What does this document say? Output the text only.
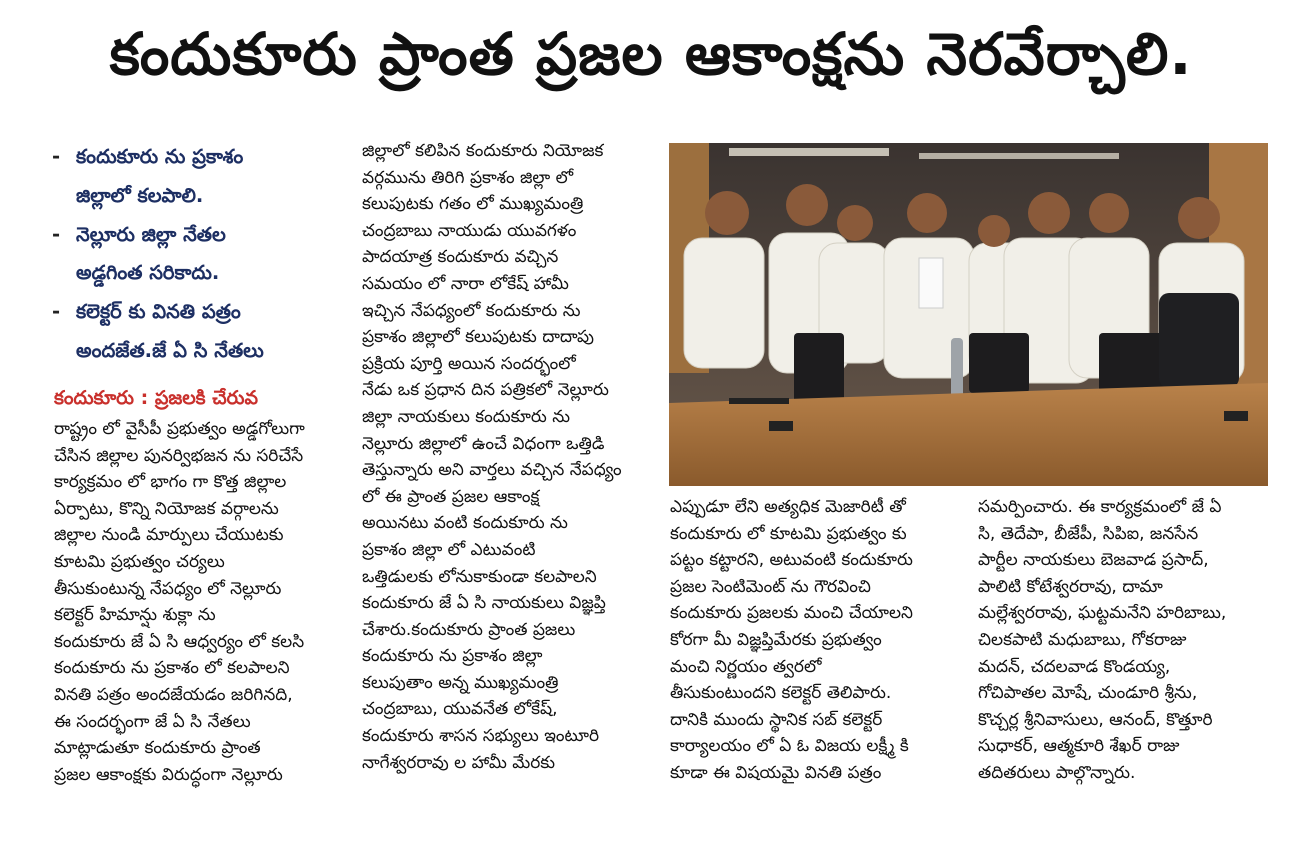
కందుకూరు ప్రాంత ప్రజల ఆకాంక్షను నెరవేర్చాలి.
- కందుకూరు ను ప్రకాశం
జిల్లాలో కలపాలి.
- నెల్లూరు జిల్లా నేతల
అడ్డగింత సరికాదు.
- కలెక్టర్ కు వినతి పత్రం
అందజేత.జే ఏ సి నేతలు
కందుకూరు : ప్రజలకి చేరువ

రాష్ట్రం లో వైసీపీ ప్రభుత్వం అడ్డగోలుగా

చేసిన జిల్లాల పునర్విభజన ను సరిచేసే

కార్యక్రమం లో భాగం గా కొత్త జిల్లాల

ఏర్పాటు, కొన్ని నియోజక వర్గాలను

జిల్లాల నుండి మార్పులు చేయుటకు

కూటమి ప్రభుత్వం చర్యలు

తీసుకుంటున్న నేపధ్యం లో నెల్లూరు

కలెక్టర్ హిమాన్షు శుక్లా ను

కందుకూరు జే ఏ సి ఆధ్వర్యం లో కలసి

కందుకూరు ను ప్రకాశం లో కలపాలని

వినతి పత్రం అందజేయడం జరిగినది,

ఈ సందర్భంగా జే ఏ సి నేతలు

మాట్లాడుతూ కందుకూరు ప్రాంత

ప్రజల ఆకాంక్షకు విరుద్ధంగా నెల్లూరు

జిల్లాలో కలిపిన కందుకూరు నియోజక

వర్గమును తిరిగి ప్రకాశం జిల్లా లో

కలుపుటకు గతం లో ముఖ్యమంత్రి

చంద్రబాబు నాయుడు యువగళం

పాదయాత్ర కందుకూరు వచ్చిన

సమయం లో నారా లోకేష్ హామీ

ఇచ్చిన నేపధ్యంలో కందుకూరు ను

ప్రకాశం జిల్లాలో కలుపుటకు దాదాపు

ప్రక్రియ పూర్తి అయిన సందర్భంలో

నేడు ఒక ప్రధాన దిన పత్రికలో నెల్లూరు

జిల్లా నాయకులు కందుకూరు ను

నెల్లూరు జిల్లాలో ఉంచే విధంగా ఒత్తిడి

తెస్తున్నారు అని వార్తలు వచ్చిన నేపధ్యం

లో ఈ ప్రాంత ప్రజల ఆకాంక్ష

అయినటు వంటి కందుకూరు ను

ప్రకాశం జిల్లా లో ఎటువంటి

ఒత్తిడులకు లోనుకాకుండా కలపాలని

కందుకూరు జే ఏ సి నాయకులు విజ్ఞప్తి

చేశారు.కందుకూరు ప్రాంత ప్రజలు

కందుకూరు ను ప్రకాశం జిల్లా

కలుపుతాం అన్న ముఖ్యమంత్రి

చంద్రబాబు, యువనేత లోకేష్,

కందుకూరు శాసన సభ్యులు ఇంటూరి

నాగేశ్వరరావు ల హామీ మేరకు

ఎప్పుడూ లేని అత్యధిక మెజారిటీ తో

కందుకూరు లో కూటమి ప్రభుత్వం కు

పట్టం కట్టారని, అటువంటి కందుకూరు

ప్రజల సెంటిమెంట్ ను గౌరవించి

కందుకూరు ప్రజలకు మంచి చేయాలని

కోరగా మీ విజ్ఞప్తిమేరకు ప్రభుత్వం

మంచి నిర్ణయం త్వరలో

తీసుకుంటుందని కలెక్టర్ తెలిపారు.

దానికి ముందు స్థానిక సబ్ కలెక్టర్

కార్యాలయం లో ఏ ఓ విజయ లక్ష్మీ కి

కూడా ఈ విషయమై వినతి పత్రం

సమర్పించారు. ఈ కార్యక్రమంలో జే ఏ

సి, తెదేపా, బీజేపీ, సిపిఐ, జనసేన

పార్టీల నాయకులు బెజవాడ ప్రసాద్,

పాలిటి కోటేశ్వరరావు, దామా

మల్లేశ్వరరావు, ఘట్టమనేని హరిబాబు,

చిలకపాటి మధుబాబు, గోకరాజు

మదన్, చదలవాడ కొండయ్య,

గోచిపాతల మోషే, చుండూరి శ్రీను,

కొచ్చర్ల శ్రీనివాసులు, ఆనంద్, కొత్తూరి

సుధాకర్, ఆత్మకూరి శేఖర్ రాజు

తదితరులు పాల్గొన్నారు.
